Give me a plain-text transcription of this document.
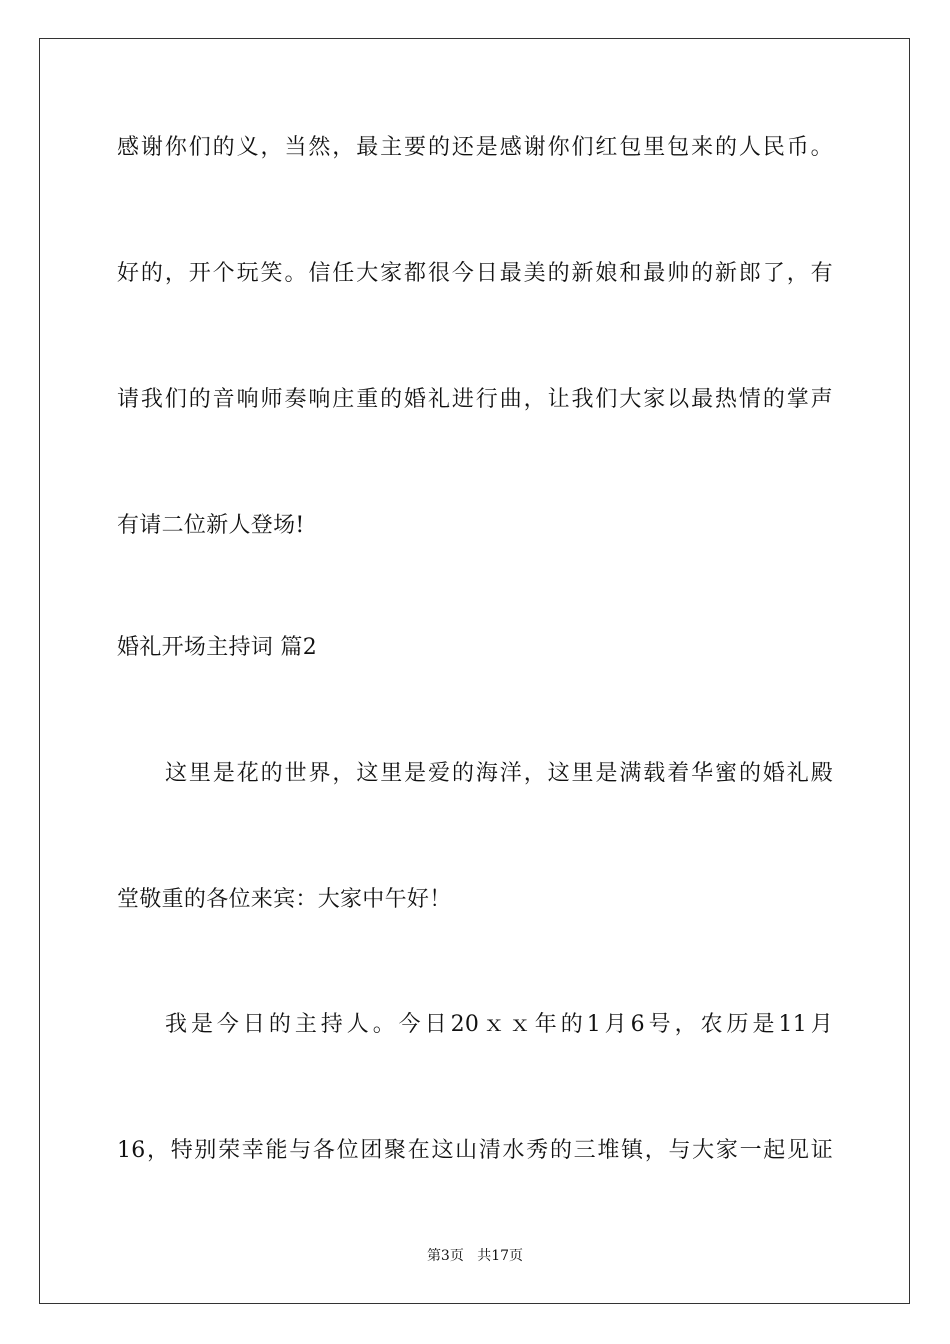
感谢你们的义，当然，最主要的还是感谢你们红包里包来的人民币。
好的，开个玩笑。信任大家都很今日最美的新娘和最帅的新郎了，有
请我们的音响师奏响庄重的婚礼进行曲，让我们大家以最热情的掌声
有请二位新人登场!
婚礼开场主持词 篇2
这里是花的世界，这里是爱的海洋，这里是满载着华蜜的婚礼殿
堂敬重的各位来宾：大家中午好！
我是今日的主持人。今日20ｘｘ年的1月6号，农历是11月
16，特别荣幸能与各位团聚在这山清水秀的三堆镇，与大家一起见证
第3页 共17页
